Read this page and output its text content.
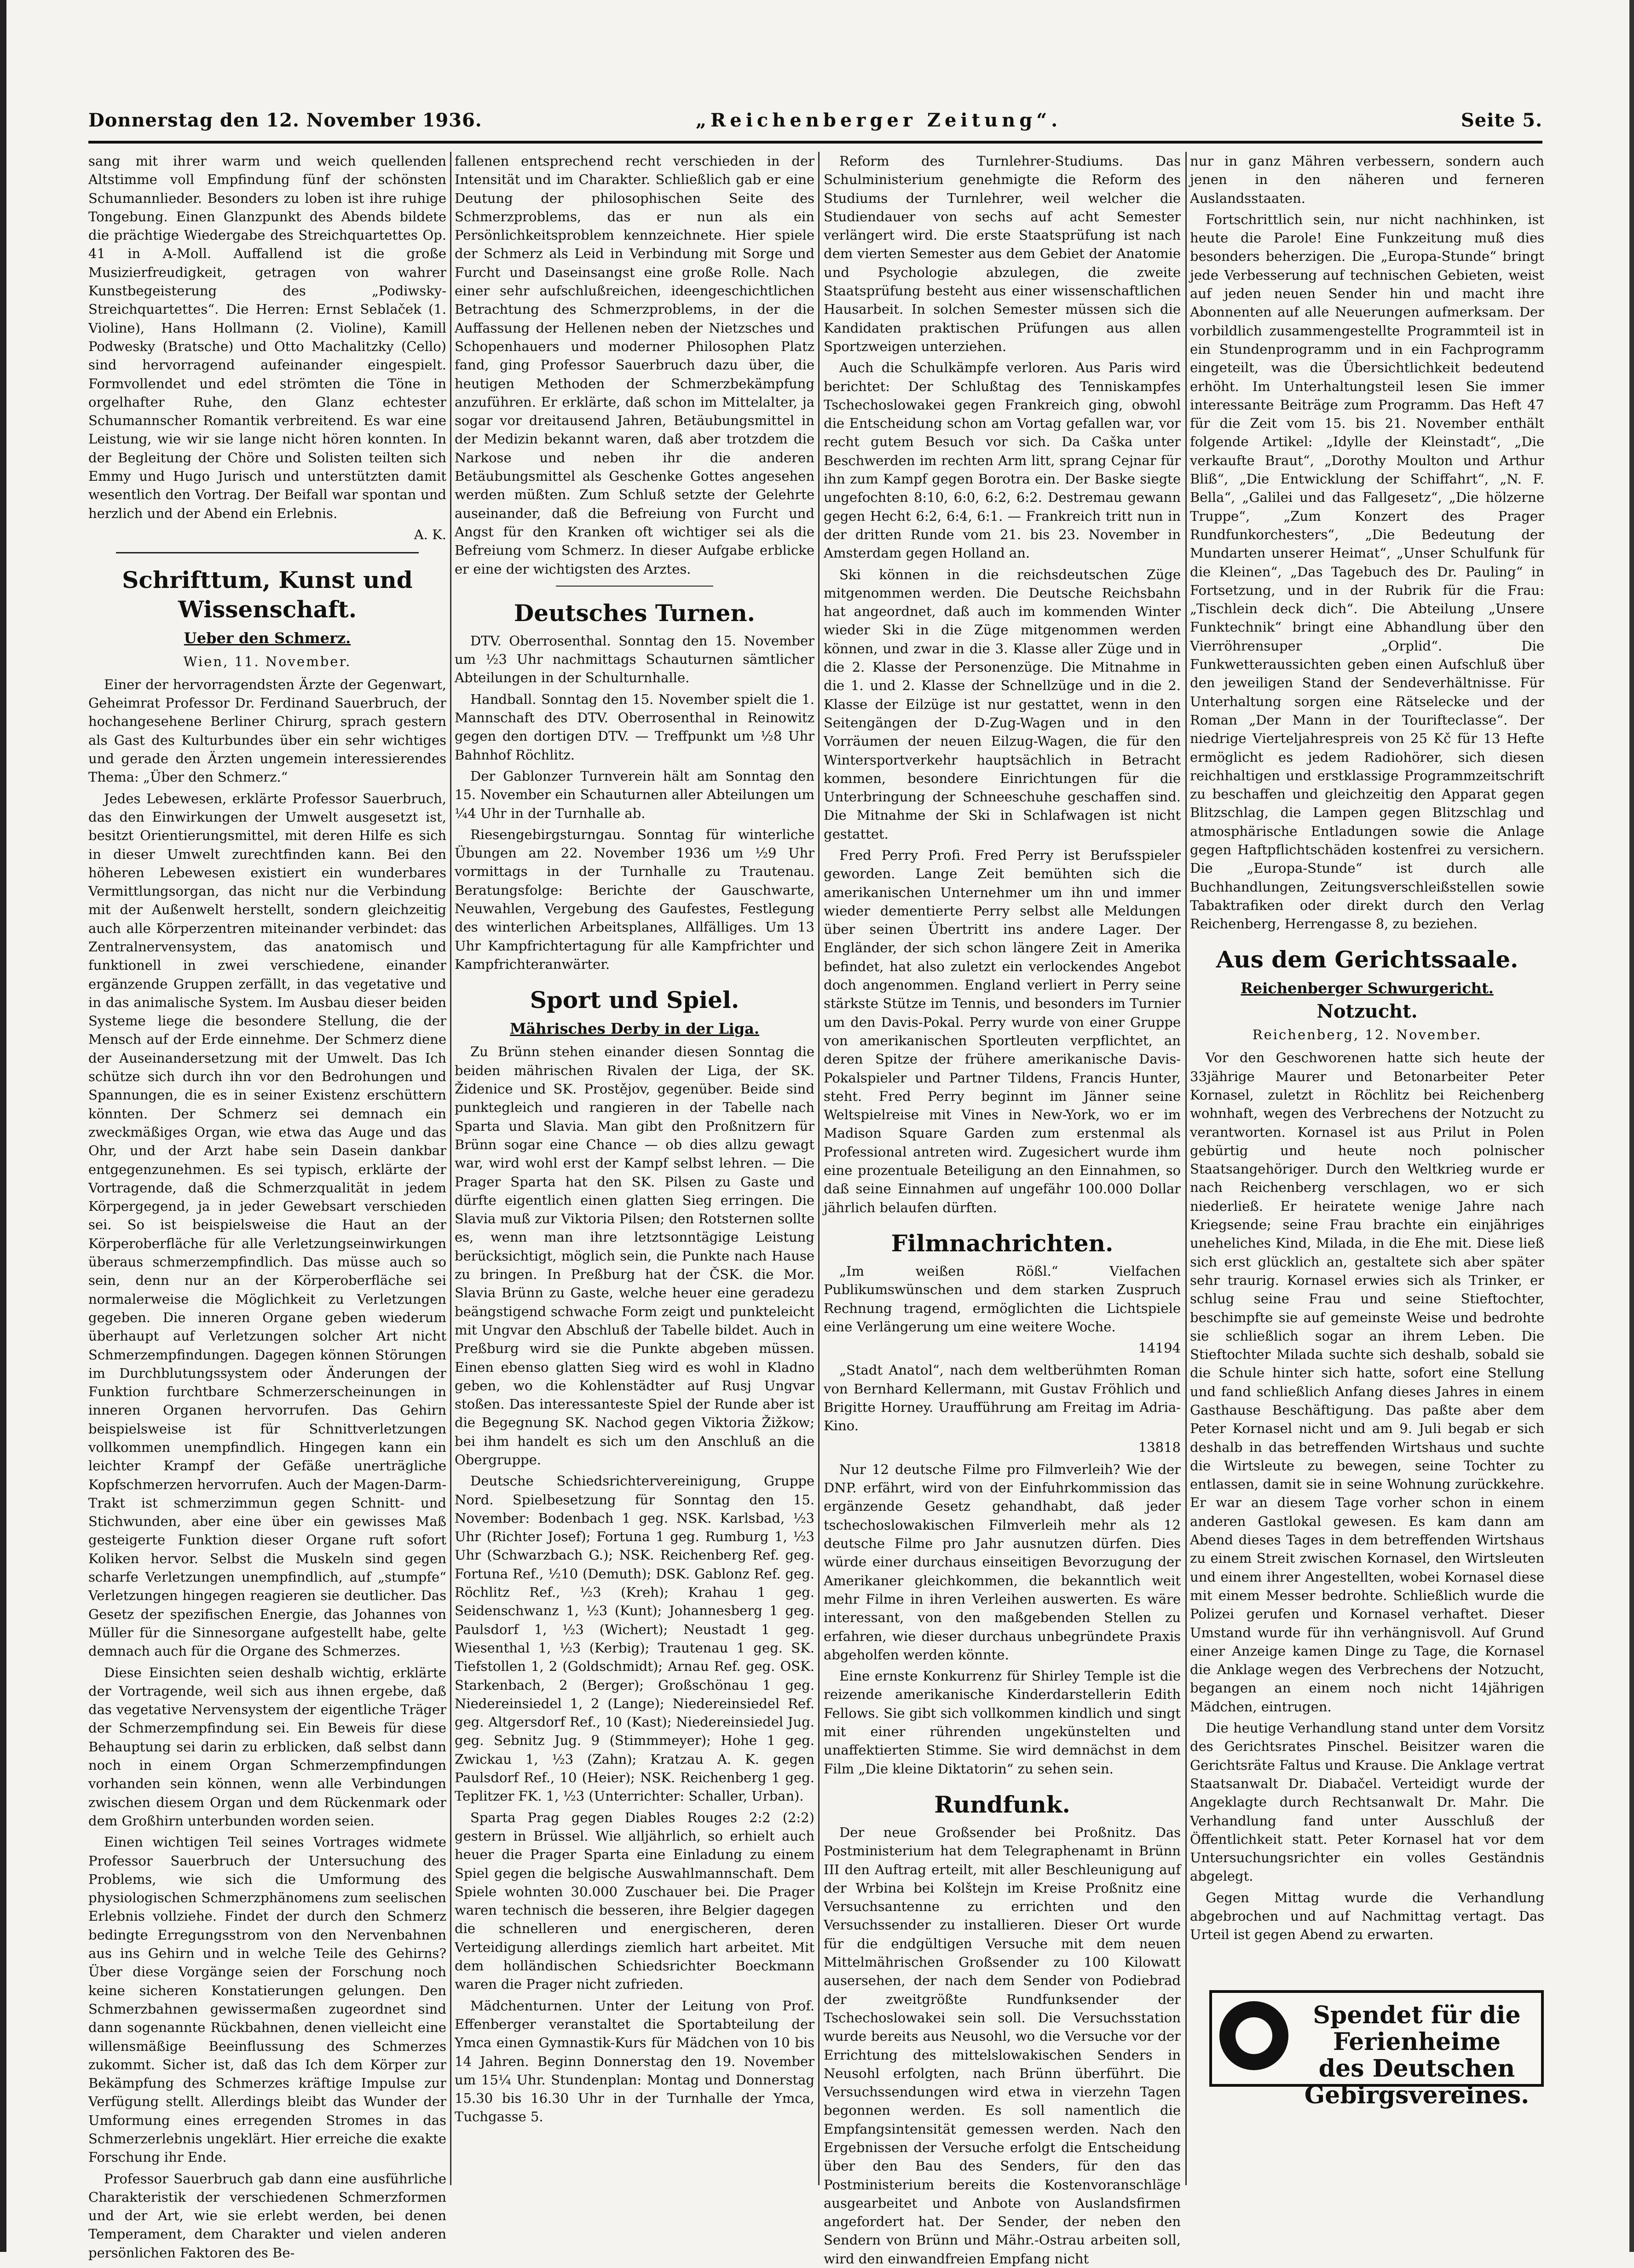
Donnerstag den 12. November 1936.	„Reichenberger Zeitung“.	Seite 5.

sang mit ihrer warm und weich quellenden Altstimme voll Empfindung fünf der schönsten Schumannlieder. Besonders zu loben ist ihre ruhige Tongebung. Einen Glanzpunkt des Abends bildete die prächtige Wiedergabe des Streichquartettes Op. 41 in A-Moll. Auffallend ist die große Musizierfreudigkeit, getragen von wahrer Kunstbegeisterung des „Podiwsky-Streichquartettes“. Die Herren: Ernst Seblaček (1. Violine), Hans Hollmann (2. Violine), Kamill Podwesky (Bratsche) und Otto Machalitzky (Cello) sind hervorragend aufeinander eingespielt. Formvollendet und edel strömten die Töne in orgelhafter Ruhe, den Glanz echtester Schumannscher Romantik verbreitend. Es war eine Leistung, wie wir sie lange nicht hören konnten. In der Begleitung der Chöre und Solisten teilten sich Emmy und Hugo Jurisch und unterstützten damit wesentlich den Vortrag. Der Beifall war spontan und herzlich und der Abend ein Erlebnis.

A. K.
Schrifttum, Kunst und Wissenschaft.
Ueber den Schmerz.
Wien, 11. November.

Einer der hervorragendsten Ärzte der Gegenwart, Geheimrat Professor Dr. Ferdinand Sauerbruch, der hochangesehene Berliner Chirurg, sprach gestern als Gast des Kulturbundes über ein sehr wichtiges und gerade den Ärzten ungemein interessierendes Thema: „Über den Schmerz.“

Jedes Lebewesen, erklärte Professor Sauerbruch, das den Einwirkungen der Umwelt ausgesetzt ist, besitzt Orientierungsmittel, mit deren Hilfe es sich in dieser Umwelt zurechtfinden kann. Bei den höheren Lebewesen existiert ein wunderbares Vermittlungsorgan, das nicht nur die Verbindung mit der Außenwelt herstellt, sondern gleichzeitig auch alle Körperzentren miteinander verbindet: das Zentralnervensystem, das anatomisch und funktionell in zwei verschiedene, einander ergänzende Gruppen zerfällt, in das vegetative und in das animalische System. Im Ausbau dieser beiden Systeme liege die besondere Stellung, die der Mensch auf der Erde einnehme. Der Schmerz diene der Auseinandersetzung mit der Umwelt. Das Ich schütze sich durch ihn vor den Bedrohungen und Spannungen, die es in seiner Existenz erschüttern könnten. Der Schmerz sei demnach ein zweckmäßiges Organ, wie etwa das Auge und das Ohr, und der Arzt habe sein Dasein dankbar entgegenzunehmen. Es sei typisch, erklärte der Vortragende, daß die Schmerzqualität in jedem Körpergegend, ja in jeder Gewebsart verschieden sei. So ist beispielsweise die Haut an der Körperoberfläche für alle Verletzungseinwirkungen überaus schmerzempfindlich. Das müsse auch so sein, denn nur an der Körperoberfläche sei normalerweise die Möglichkeit zu Verletzungen gegeben. Die inneren Organe geben wiederum überhaupt auf Verletzungen solcher Art nicht Schmerzempfindungen. Dagegen können Störungen im Durchblutungssystem oder Änderungen der Funktion furchtbare Schmerzerscheinungen in inneren Organen hervorrufen. Das Gehirn beispielsweise ist für Schnittverletzungen vollkommen unempfindlich. Hingegen kann ein leichter Krampf der Gefäße unerträgliche Kopfschmerzen hervorrufen. Auch der Magen-Darm-Trakt ist schmerzimmun gegen Schnitt- und Stichwunden, aber eine über ein gewisses Maß gesteigerte Funktion dieser Organe ruft sofort Koliken hervor. Selbst die Muskeln sind gegen scharfe Verletzungen unempfindlich, auf „stumpfe“ Verletzungen hingegen reagieren sie deutlicher. Das Gesetz der spezifischen Energie, das Johannes von Müller für die Sinnesorgane aufgestellt habe, gelte demnach auch für die Organe des Schmerzes.

Diese Einsichten seien deshalb wichtig, erklärte der Vortragende, weil sich aus ihnen ergebe, daß das vegetative Nervensystem der eigentliche Träger der Schmerzempfindung sei. Ein Beweis für diese Behauptung sei darin zu erblicken, daß selbst dann noch in einem Organ Schmerzempfindungen vorhanden sein können, wenn alle Verbindungen zwischen diesem Organ und dem Rückenmark oder dem Großhirn unterbunden worden seien.

Einen wichtigen Teil seines Vortrages widmete Professor Sauerbruch der Untersuchung des Problems, wie sich die Umformung des physiologischen Schmerzphänomens zum seelischen Erlebnis vollziehe. Findet der durch den Schmerz bedingte Erregungsstrom von den Nervenbahnen aus ins Gehirn und in welche Teile des Gehirns? Über diese Vorgänge seien der Forschung noch keine sicheren Konstatierungen gelungen. Den Schmerzbahnen gewissermaßen zugeordnet sind dann sogenannte Rückbahnen, denen vielleicht eine willensmäßige Beeinflussung des Schmerzes zukommt. Sicher ist, daß das Ich dem Körper zur Bekämpfung des Schmerzes kräftige Impulse zur Verfügung stellt. Allerdings bleibt das Wunder der Umformung eines erregenden Stromes in das Schmerzerlebnis ungeklärt. Hier erreiche die exakte Forschung ihr Ende.

Professor Sauerbruch gab dann eine ausführliche Charakteristik der verschiedenen Schmerzformen und der Art, wie sie erlebt werden, bei denen Temperament, dem Charakter und vielen anderen persönlichen Faktoren des Be-

fallenen entsprechend recht verschieden in der Intensität und im Charakter. Schließlich gab er eine Deutung der philosophischen Seite des Schmerzproblems, das er nun als ein Persönlichkeitsproblem kennzeichnete. Hier spiele der Schmerz als Leid in Verbindung mit Sorge und Furcht und Daseinsangst eine große Rolle. Nach einer sehr aufschlußreichen, ideengeschichtlichen Betrachtung des Schmerzproblems, in der die Auffassung der Hellenen neben der Nietzsches und Schopenhauers und moderner Philosophen Platz fand, ging Professor Sauerbruch dazu über, die heutigen Methoden der Schmerzbekämpfung anzuführen. Er erklärte, daß schon im Mittelalter, ja sogar vor dreitausend Jahren, Betäubungsmittel in der Medizin bekannt waren, daß aber trotzdem die Narkose und neben ihr die anderen Betäubungsmittel als Geschenke Gottes angesehen werden müßten. Zum Schluß setzte der Gelehrte auseinander, daß die Befreiung von Furcht und Angst für den Kranken oft wichtiger sei als die Befreiung vom Schmerz. In dieser Aufgabe erblicke er eine der wichtigsten des Arztes.

Deutsches Turnen.

DTV. Oberrosenthal. Sonntag den 15. November um ½3 Uhr nachmittags Schauturnen sämtlicher Abteilungen in der Schulturnhalle.

Handball. Sonntag den 15. November spielt die 1. Mannschaft des DTV. Oberrosenthal in Reinowitz gegen den dortigen DTV. — Treffpunkt um ½8 Uhr Bahnhof Röchlitz.

Der Gablonzer Turnverein hält am Sonntag den 15. November ein Schauturnen aller Abteilungen um ¼4 Uhr in der Turnhalle ab.

Riesengebirgsturngau. Sonntag für winterliche Übungen am 22. November 1936 um ½9 Uhr vormittags in der Turnhalle zu Trautenau. Beratungsfolge: Berichte der Gauschwarte, Neuwahlen, Vergebung des Gaufestes, Festlegung des winterlichen Arbeitsplanes, Allfälliges. Um 13 Uhr Kampfrichtertagung für alle Kampfrichter und Kampfrichteranwärter.

Sport und Spiel.
Mährisches Derby in der Liga.

Zu Brünn stehen einander diesen Sonntag die beiden mährischen Rivalen der Liga, der SK. Židenice und SK. Prostějov, gegenüber. Beide sind punktegleich und rangieren in der Tabelle nach Sparta und Slavia. Man gibt den Proßnitzern für Brünn sogar eine Chance — ob dies allzu gewagt war, wird wohl erst der Kampf selbst lehren. — Die Prager Sparta hat den SK. Pilsen zu Gaste und dürfte eigentlich einen glatten Sieg erringen. Die Slavia muß zur Viktoria Pilsen; den Rotsternen sollte es, wenn man ihre letztsonntägige Leistung berücksichtigt, möglich sein, die Punkte nach Hause zu bringen. In Preßburg hat der ČSK. die Mor. Slavia Brünn zu Gaste, welche heuer eine geradezu beängstigend schwache Form zeigt und punkteleicht mit Ungvar den Abschluß der Tabelle bildet. Auch in Preßburg wird sie die Punkte abgeben müssen. Einen ebenso glatten Sieg wird es wohl in Kladno geben, wo die Kohlenstädter auf Rusj Ungvar stoßen. Das interessanteste Spiel der Runde aber ist die Begegnung SK. Nachod gegen Viktoria Žižkow; bei ihm handelt es sich um den Anschluß an die Obergruppe.

Deutsche Schiedsrichtervereinigung, Gruppe Nord. Spielbesetzung für Sonntag den 15. November: Bodenbach 1 geg. NSK. Karlsbad, ½3 Uhr (Richter Josef); Fortuna 1 geg. Rumburg 1, ½3 Uhr (Schwarzbach G.); NSK. Reichenberg Ref. geg. Fortuna Ref., ½10 (Demuth); DSK. Gablonz Ref. geg. Röchlitz Ref., ½3 (Kreh); Krahau 1 geg. Seidenschwanz 1, ½3 (Kunt); Johannesberg 1 geg. Paulsdorf 1, ½3 (Wichert); Neustadt 1 geg. Wiesenthal 1, ½3 (Kerbig); Trautenau 1 geg. SK. Tiefstollen 1, 2 (Goldschmidt); Arnau Ref. geg. OSK. Starkenbach, 2 (Berger); Großschönau 1 geg. Niedereinsiedel 1, 2 (Lange); Niedereinsiedel Ref. geg. Altgersdorf Ref., 10 (Kast); Niedereinsiedel Jug. geg. Sebnitz Jug. 9 (Stimmmeyer); Hohe 1 geg. Zwickau 1, ½3 (Zahn); Kratzau A. K. gegen Paulsdorf Ref., 10 (Heier); NSK. Reichenberg 1 geg. Teplitzer FK. 1, ½3 (Unterrichter: Schaller, Urban).

Sparta Prag gegen Diables Rouges 2:2 (2:2) gestern in Brüssel. Wie alljährlich, so erhielt auch heuer die Prager Sparta eine Einladung zu einem Spiel gegen die belgische Auswahlmannschaft. Dem Spiele wohnten 30.000 Zuschauer bei. Die Prager waren technisch die besseren, ihre Belgier dagegen die schnelleren und energischeren, deren Verteidigung allerdings ziemlich hart arbeitet. Mit dem holländischen Schiedsrichter Boeckmann waren die Prager nicht zufrieden.

Mädchenturnen. Unter der Leitung von Prof. Effenberger veranstaltet die Sportabteilung der Ymca einen Gymnastik-Kurs für Mädchen von 10 bis 14 Jahren. Beginn Donnerstag den 19. November um 15¼ Uhr. Stundenplan: Montag und Donnerstag 15.30 bis 16.30 Uhr in der Turnhalle der Ymca, Tuchgasse 5.

Reform des Turnlehrer-Studiums. Das Schulministerium genehmigte die Reform des Studiums der Turnlehrer, weil welcher die Studiendauer von sechs auf acht Semester verlängert wird. Die erste Staatsprüfung ist nach dem vierten Semester aus dem Gebiet der Anatomie und Psychologie abzulegen, die zweite Staatsprüfung besteht aus einer wissenschaftlichen Hausarbeit. In solchen Semester müssen sich die Kandidaten praktischen Prüfungen aus allen Sportzweigen unterziehen.

Auch die Schulkämpfe verloren. Aus Paris wird berichtet: Der Schlußtag des Tenniskampfes Tschechoslowakei gegen Frankreich ging, obwohl die Entscheidung schon am Vortag gefallen war, vor recht gutem Besuch vor sich. Da Caška unter Beschwerden im rechten Arm litt, sprang Cejnar für ihn zum Kampf gegen Borotra ein. Der Baske siegte ungefochten 8:10, 6:0, 6:2, 6:2. Destremau gewann gegen Hecht 6:2, 6:4, 6:1. — Frankreich tritt nun in der dritten Runde vom 21. bis 23. November in Amsterdam gegen Holland an.

Ski können in die reichsdeutschen Züge mitgenommen werden. Die Deutsche Reichsbahn hat angeordnet, daß auch im kommenden Winter wieder Ski in die Züge mitgenommen werden können, und zwar in die 3. Klasse aller Züge und in die 2. Klasse der Personenzüge. Die Mitnahme in die 1. und 2. Klasse der Schnellzüge und in die 2. Klasse der Eilzüge ist nur gestattet, wenn in den Seitengängen der D-Zug-Wagen und in den Vorräumen der neuen Eilzug-Wagen, die für den Wintersportverkehr hauptsächlich in Betracht kommen, besondere Einrichtungen für die Unterbringung der Schneeschuhe geschaffen sind. Die Mitnahme der Ski in Schlafwagen ist nicht gestattet.

Fred Perry Profi. Fred Perry ist Berufsspieler geworden. Lange Zeit bemühten sich die amerikanischen Unternehmer um ihn und immer wieder dementierte Perry selbst alle Meldungen über seinen Übertritt ins andere Lager. Der Engländer, der sich schon längere Zeit in Amerika befindet, hat also zuletzt ein verlockendes Angebot doch angenommen. England verliert in Perry seine stärkste Stütze im Tennis, und besonders im Turnier um den Davis-Pokal. Perry wurde von einer Gruppe von amerikanischen Sportleuten verpflichtet, an deren Spitze der frühere amerikanische Davis-Pokalspieler und Partner Tildens, Francis Hunter, steht. Fred Perry beginnt im Jänner seine Weltspielreise mit Vines in New-York, wo er im Madison Square Garden zum erstenmal als Professional antreten wird. Zugesichert wurde ihm eine prozentuale Beteiligung an den Einnahmen, so daß seine Einnahmen auf ungefähr 100.000 Dollar jährlich belaufen dürften.

Filmnachrichten.

„Im weißen Rößl.“ Vielfachen Publikumswünschen und dem starken Zuspruch Rechnung tragend, ermöglichten die Lichtspiele eine Verlängerung um eine weitere Woche.

14194

„Stadt Anatol“, nach dem weltberühmten Roman von Bernhard Kellermann, mit Gustav Fröhlich und Brigitte Horney. Uraufführung am Freitag im Adria-Kino.

13818

Nur 12 deutsche Filme pro Filmverleih? Wie der DNP. erfährt, wird von der Einfuhrkommission das ergänzende Gesetz gehandhabt, daß jeder tschechoslowakischen Filmverleih mehr als 12 deutsche Filme pro Jahr ausnutzen dürfen. Dies würde einer durchaus einseitigen Bevorzugung der Amerikaner gleichkommen, die bekanntlich weit mehr Filme in ihren Verleihen auswerten. Es wäre interessant, von den maßgebenden Stellen zu erfahren, wie dieser durchaus unbegründete Praxis abgeholfen werden könnte.

Eine ernste Konkurrenz für Shirley Temple ist die reizende amerikanische Kinderdarstellerin Edith Fellows. Sie gibt sich vollkommen kindlich und singt mit einer rührenden ungekünstelten und unaffektierten Stimme. Sie wird demnächst in dem Film „Die kleine Diktatorin“ zu sehen sein.

Rundfunk.

Der neue Großsender bei Proßnitz. Das Postministerium hat dem Telegraphenamt in Brünn III den Auftrag erteilt, mit aller Beschleunigung auf der Wrbina bei Kolštejn im Kreise Proßnitz eine Versuchsantenne zu errichten und den Versuchssender zu installieren. Dieser Ort wurde für die endgültigen Versuche mit dem neuen Mittelmährischen Großsender zu 100 Kilowatt ausersehen, der nach dem Sender von Podiebrad der zweitgrößte Rundfunksender der Tschechoslowakei sein soll. Die Versuchsstation wurde bereits aus Neusohl, wo die Versuche vor der Errichtung des mittelslowakischen Senders in Neusohl erfolgten, nach Brünn überführt. Die Versuchssendungen wird etwa in vierzehn Tagen begonnen werden. Es soll namentlich die Empfangsintensität gemessen werden. Nach den Ergebnissen der Versuche erfolgt die Entscheidung über den Bau des Senders, für den das Postministerium bereits die Kostenvoranschläge ausgearbeitet und Anbote von Auslandsfirmen angefordert hat. Der Sender, der neben den Sendern von Brünn und Mähr.-Ostrau arbeiten soll, wird den einwandfreien Empfang nicht

nur in ganz Mähren verbessern, sondern auch jenen in den näheren und ferneren Auslandsstaaten.

Fortschrittlich sein, nur nicht nachhinken, ist heute die Parole! Eine Funkzeitung muß dies besonders beherzigen. Die „Europa-Stunde“ bringt jede Verbesserung auf technischen Gebieten, weist auf jeden neuen Sender hin und macht ihre Abonnenten auf alle Neuerungen aufmerksam. Der vorbildlich zusammengestellte Programmteil ist in ein Stundenprogramm und in ein Fachprogramm eingeteilt, was die Übersichtlichkeit bedeutend erhöht. Im Unterhaltungsteil lesen Sie immer interessante Beiträge zum Programm. Das Heft 47 für die Zeit vom 15. bis 21. November enthält folgende Artikel: „Idylle der Kleinstadt“, „Die verkaufte Braut“, „Dorothy Moulton und Arthur Bliß“, „Die Entwicklung der Schiffahrt“, „N. F. Bella“, „Galilei und das Fallgesetz“, „Die hölzerne Truppe“, „Zum Konzert des Prager Rundfunkorchesters“, „Die Bedeutung der Mundarten unserer Heimat“, „Unser Schulfunk für die Kleinen“, „Das Tagebuch des Dr. Pauling“ in Fortsetzung, und in der Rubrik für die Frau: „Tischlein deck dich“. Die Abteilung „Unsere Funktechnik“ bringt eine Abhandlung über den Vierröhrensuper „Orplid“. Die Funkwetteraussichten geben einen Aufschluß über den jeweiligen Stand der Sendeverhältnisse. Für Unterhaltung sorgen eine Rätselecke und der Roman „Der Mann in der Tourifteclasse“. Der niedrige Vierteljahrespreis von 25 Kč für 13 Hefte ermöglicht es jedem Radiohörer, sich diesen reichhaltigen und erstklassige Programmzeitschrift zu beschaffen und gleichzeitig den Apparat gegen Blitzschlag, die Lampen gegen Blitzschlag und atmosphärische Entladungen sowie die Anlage gegen Haftpflichtschäden kostenfrei zu versichern. Die „Europa-Stunde“ ist durch alle Buchhandlungen, Zeitungsverschleißstellen sowie Tabaktrafiken oder direkt durch den Verlag Reichenberg, Herrengasse 8, zu beziehen.

Aus dem Gerichtssaale.
Reichenberger Schwurgericht.
Notzucht.
Reichenberg, 12. November.

Vor den Geschworenen hatte sich heute der 33jährige Maurer und Betonarbeiter Peter Kornasel, zuletzt in Röchlitz bei Reichenberg wohnhaft, wegen des Verbrechens der Notzucht zu verantworten. Kornasel ist aus Prilut in Polen gebürtig und heute noch polnischer Staatsangehöriger. Durch den Weltkrieg wurde er nach Reichenberg verschlagen, wo er sich niederließ. Er heiratete wenige Jahre nach Kriegsende; seine Frau brachte ein einjähriges uneheliches Kind, Milada, in die Ehe mit. Diese ließ sich erst glücklich an, gestaltete sich aber später sehr traurig. Kornasel erwies sich als Trinker, er schlug seine Frau und seine Stieftochter, beschimpfte sie auf gemeinste Weise und bedrohte sie schließlich sogar an ihrem Leben. Die Stieftochter Milada suchte sich deshalb, sobald sie die Schule hinter sich hatte, sofort eine Stellung und fand schließlich Anfang dieses Jahres in einem Gasthause Beschäftigung. Das paßte aber dem Peter Kornasel nicht und am 9. Juli begab er sich deshalb in das betreffenden Wirtshaus und suchte die Wirtsleute zu bewegen, seine Tochter zu entlassen, damit sie in seine Wohnung zurückkehre. Er war an diesem Tage vorher schon in einem anderen Gastlokal gewesen. Es kam dann am Abend dieses Tages in dem betreffenden Wirtshaus zu einem Streit zwischen Kornasel, den Wirtsleuten und einem ihrer Angestellten, wobei Kornasel diese mit einem Messer bedrohte. Schließlich wurde die Polizei gerufen und Kornasel verhaftet. Dieser Umstand wurde für ihn verhängnisvoll. Auf Grund einer Anzeige kamen Dinge zu Tage, die Kornasel die Anklage wegen des Verbrechens der Notzucht, begangen an einem noch nicht 14jährigen Mädchen, eintrugen.

Die heutige Verhandlung stand unter dem Vorsitz des Gerichtsrates Pinschel. Beisitzer waren die Gerichtsräte Faltus und Krause. Die Anklage vertrat Staatsanwalt Dr. Diabačel. Verteidigt wurde der Angeklagte durch Rechtsanwalt Dr. Mahr. Die Verhandlung fand unter Ausschluß der Öffentlichkeit statt. Peter Kornasel hat vor dem Untersuchungsrichter ein volles Geständnis abgelegt.

Gegen Mittag wurde die Verhandlung abgebrochen und auf Nachmittag vertagt. Das Urteil ist gegen Abend zu erwarten.

Spendet für die
Ferienheime
des Deutschen
Gebirgsvereines.
